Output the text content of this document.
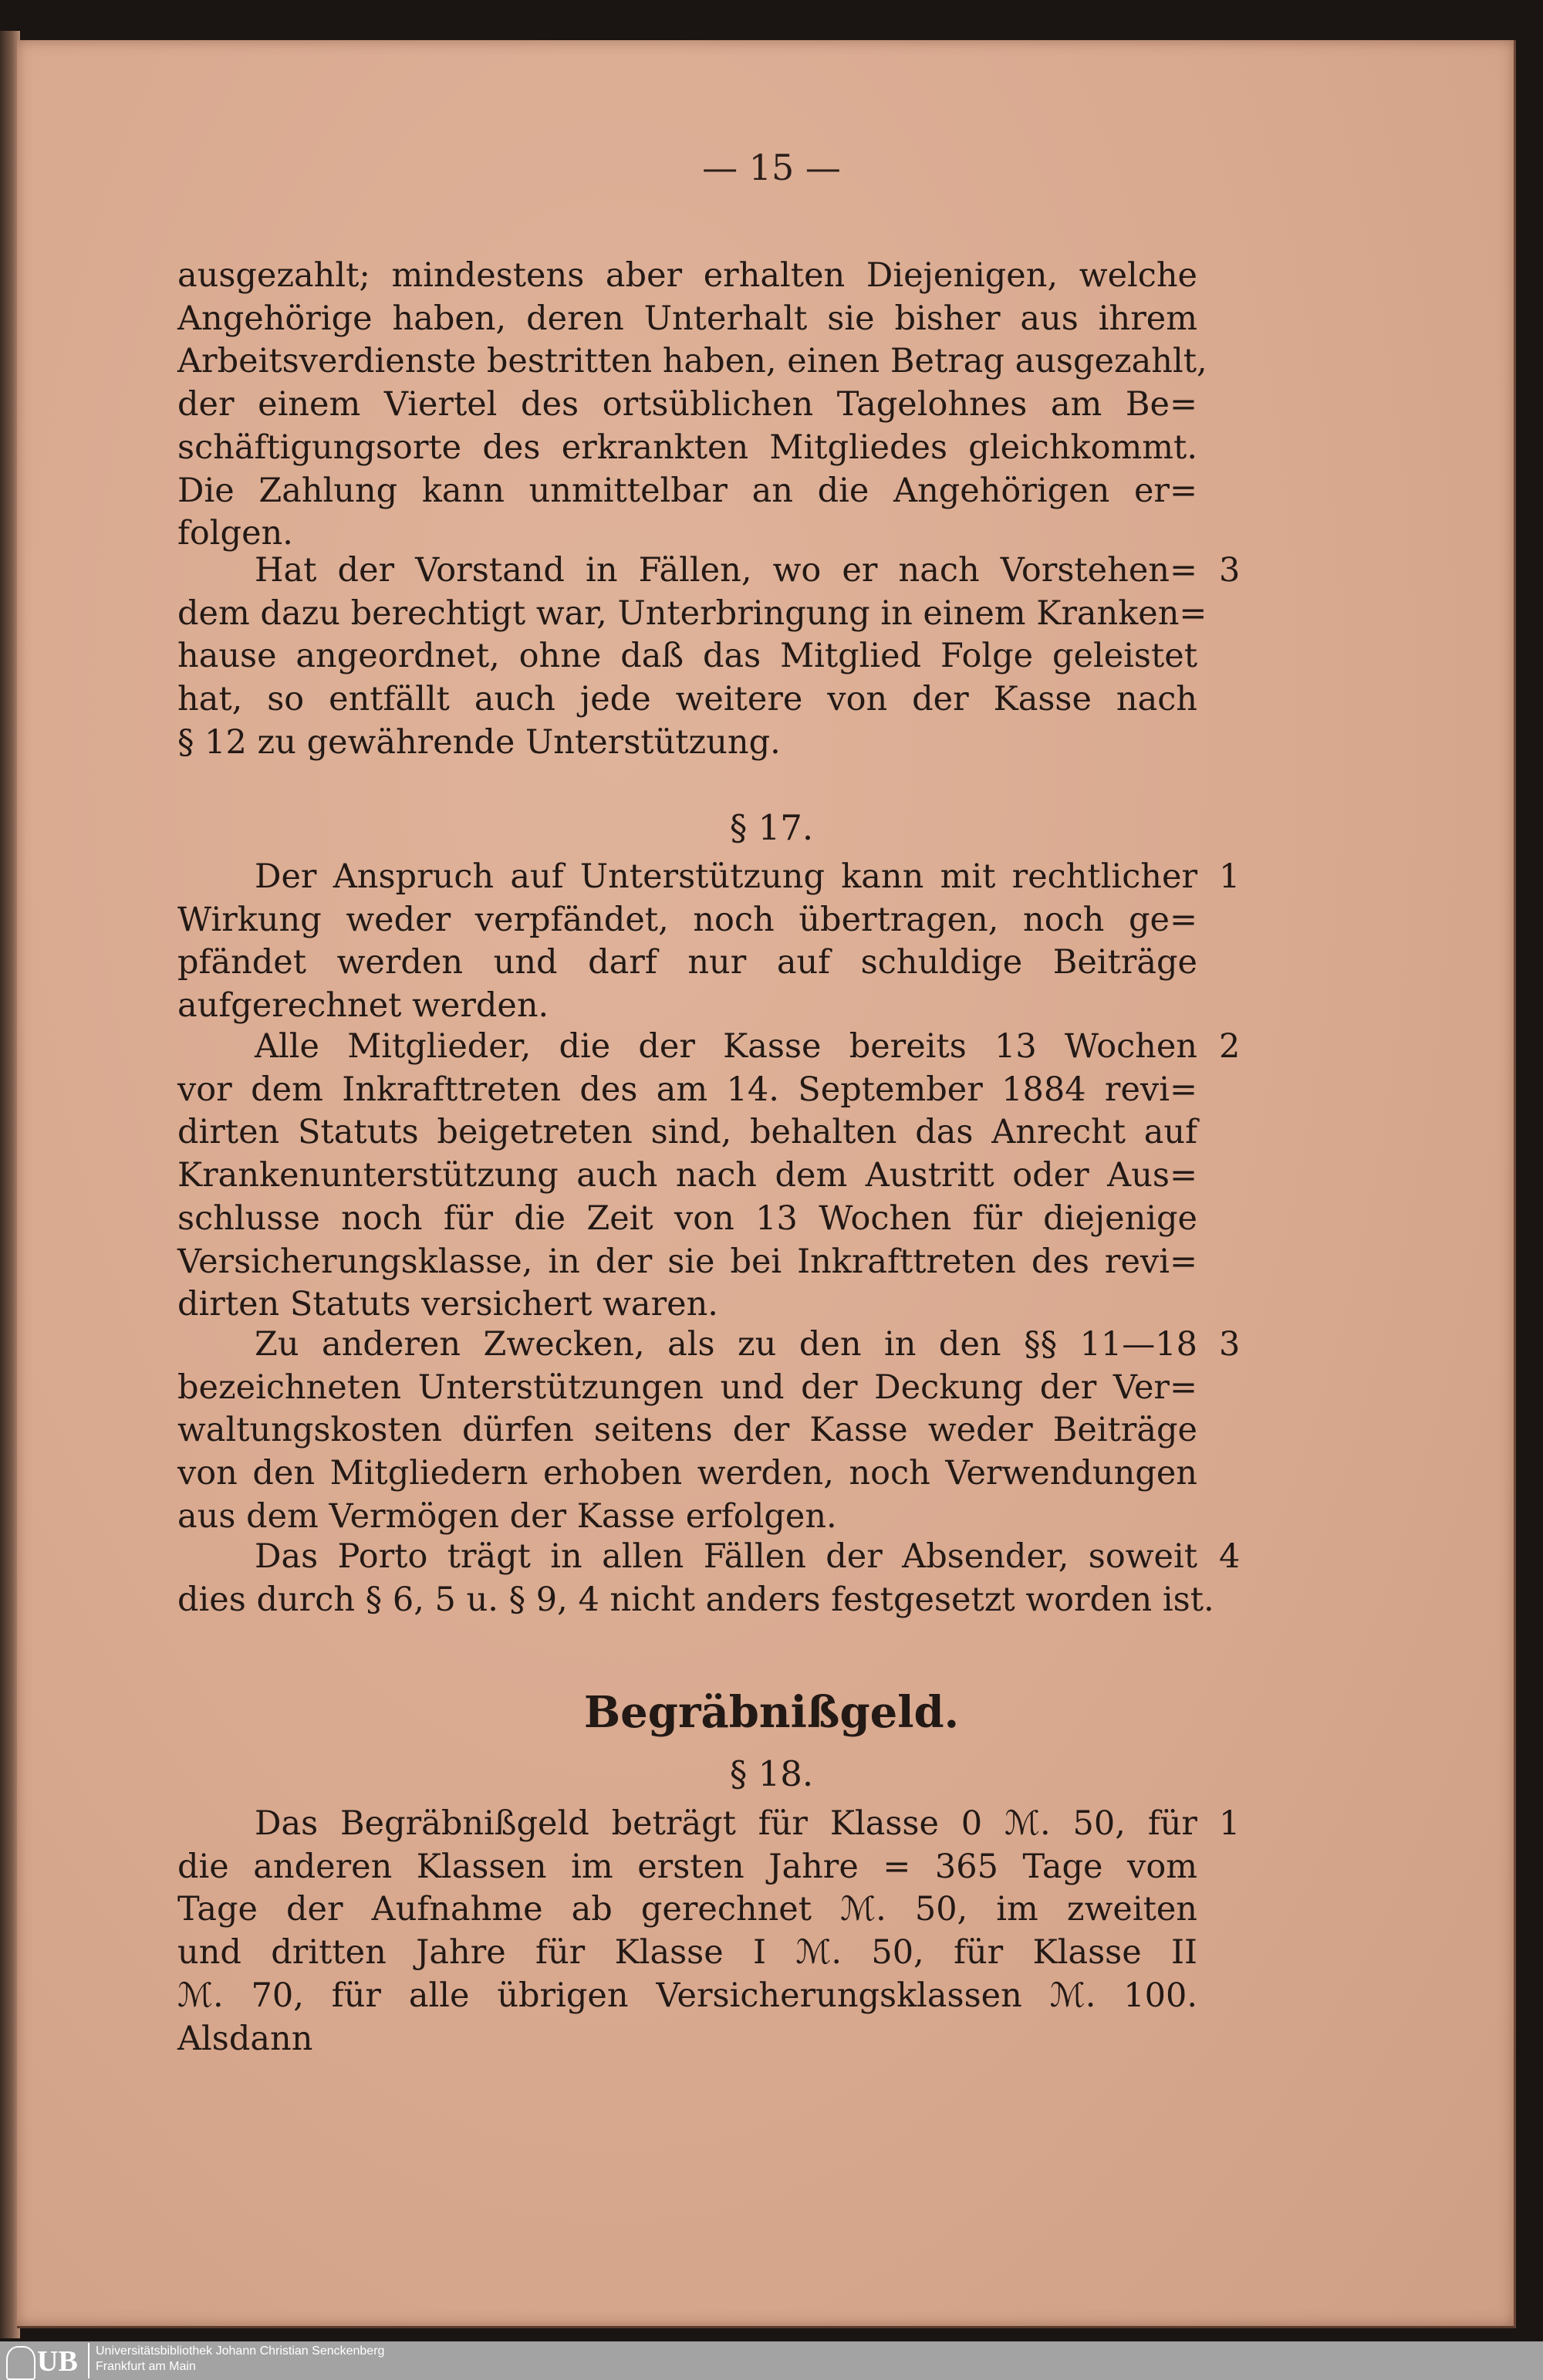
— 15 —
ausgezahlt; mindestens aber erhalten Diejenigen, welche
Angehörige haben, deren Unterhalt sie bisher aus ihrem
Arbeitsverdienste bestritten haben, einen Betrag ausgezahlt,
der einem Viertel des ortsüblichen Tagelohnes am Be=
schäftigungsorte des erkrankten Mitgliedes gleichkommt.
Die Zahlung kann unmittelbar an die Angehörigen er=
folgen.
Hat der Vorstand in Fällen, wo er nach Vorstehen=
dem dazu berechtigt war, Unterbringung in einem Kranken=
hause angeordnet, ohne daß das Mitglied Folge geleistet
hat, so entfällt auch jede weitere von der Kasse nach
§ 12 zu gewährende Unterstützung.
3
Der Anspruch auf Unterstützung kann mit rechtlicher
Wirkung weder verpfändet, noch übertragen, noch ge=
pfändet werden und darf nur auf schuldige Beiträge
aufgerechnet werden.
1
Alle Mitglieder, die der Kasse bereits 13 Wochen
vor dem Inkrafttreten des am 14. September 1884 revi=
dirten Statuts beigetreten sind, behalten das Anrecht auf
Krankenunterstützung auch nach dem Austritt oder Aus=
schlusse noch für die Zeit von 13 Wochen für diejenige
Versicherungsklasse, in der sie bei Inkrafttreten des revi=
dirten Statuts versichert waren.
2
Zu anderen Zwecken, als zu den in den §§ 11—18
bezeichneten Unterstützungen und der Deckung der Ver=
waltungskosten dürfen seitens der Kasse weder Beiträge
von den Mitgliedern erhoben werden, noch Verwendungen
aus dem Vermögen der Kasse erfolgen.
3
Das Porto trägt in allen Fällen der Absender, soweit
dies durch § 6, 5 u. § 9, 4 nicht anders festgesetzt worden ist.
4
Das Begräbnißgeld beträgt für Klasse 0 ℳ. 50, für
die anderen Klassen im ersten Jahre = 365 Tage vom
Tage der Aufnahme ab gerechnet ℳ. 50, im zweiten
und dritten Jahre für Klasse I ℳ. 50, für Klasse II
ℳ. 70, für alle übrigen Versicherungsklassen ℳ. 100.
Alsdann
1
§ 17.
Begräbnißgeld.
§ 18.
UB Universitätsbibliothek Johann Christian Senckenberg
Frankfurt am Main
